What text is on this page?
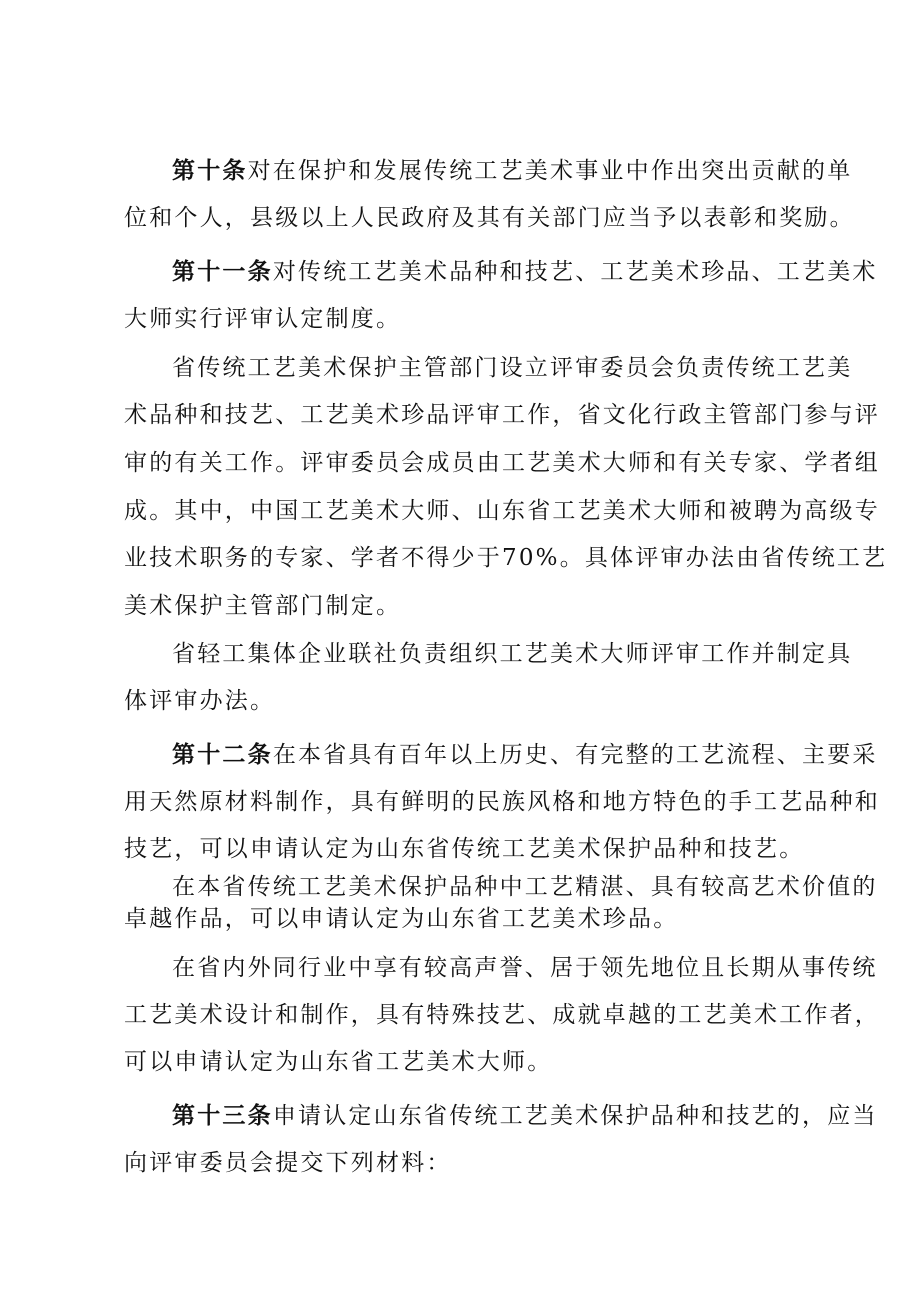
第十条对在保护和发展传统工艺美术事业中作出突出贡献的单
位和个人，县级以上人民政府及其有关部门应当予以表彰和奖励。
第十一条对传统工艺美术品种和技艺、工艺美术珍品、工艺美术
大师实行评审认定制度。
省传统工艺美术保护主管部门设立评审委员会负责传统工艺美
术品种和技艺、工艺美术珍品评审工作，省文化行政主管部门参与评
审的有关工作。评审委员会成员由工艺美术大师和有关专家、学者组
成。其中，中国工艺美术大师、山东省工艺美术大师和被聘为高级专
业技术职务的专家、学者不得少于70%。具体评审办法由省传统工艺
美术保护主管部门制定。
省轻工集体企业联社负责组织工艺美术大师评审工作并制定具
体评审办法。
第十二条在本省具有百年以上历史、有完整的工艺流程、主要采
用天然原材料制作，具有鲜明的民族风格和地方特色的手工艺品种和
技艺，可以申请认定为山东省传统工艺美术保护品种和技艺。
在本省传统工艺美术保护品种中工艺精湛、具有较高艺术价值的
卓越作品，可以申请认定为山东省工艺美术珍品。
在省内外同行业中享有较高声誉、居于领先地位且长期从事传统
工艺美术设计和制作，具有特殊技艺、成就卓越的工艺美术工作者，
可以申请认定为山东省工艺美术大师。
第十三条申请认定山东省传统工艺美术保护品种和技艺的，应当
向评审委员会提交下列材料：
